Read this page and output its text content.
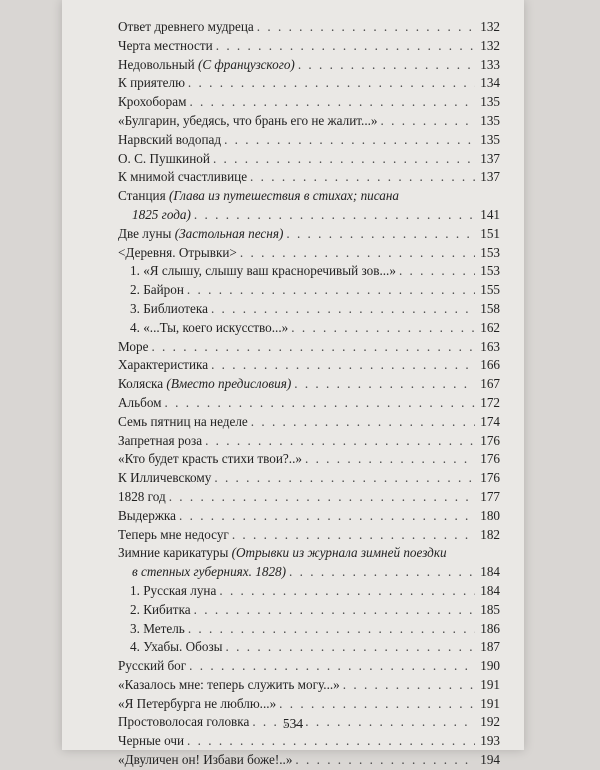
Ответ древнего мудреца . . .	132
Черта местности . . .	132
Недовольный (С французского) . . .	133
К приятелю . . .	134
Крохоборам . . .	135
«Булгарин, убедясь, что брань его не жалит...» . . .	135
Нарвский водопад . . .	135
О. С. Пушкиной . . .	137
К мнимой счастливице . . .	137
Станция (Глава из путешествия в стихах; писана
1825 года) . . .	141
Две луны (Застольная песня) . . .	151
<Деревня. Отрывки> . . .	153
1. «Я слышу, слышу ваш красноречивый зов...» . . .	153
2. Байрон . . .	155
3. Библиотека . . .	158
4. «...Ты, коего искусство...» . . .	162
Море . . .	163
Характеристика . . .	166
Коляска (Вместо предисловия) . . .	167
Альбом . . .	172
Семь пятниц на неделе . . .	174
Запретная роза . . .	176
«Кто будет красть стихи твои?..» . . .	176
К Илличевскому . . .	176
1828 год . . .	177
Выдержка . . .	180
Теперь мне недосуг . . .	182
Зимние карикатуры (Отрывки из журнала зимней поездки
в степных губерниях. 1828) . . .	184
1. Русская луна . . .	184
2. Кибитка . . .	185
3. Метель . . .	186
4. Ухабы. Обозы . . .	187
Русский бог . . .	190
«Казалось мне: теперь служить могу...» . . .	191
«Я Петербурга не люблю...» . . .	191
Простоволосая головка . . .	192
Черные очи . . .	193
«Двуличен он! Избави боже!..» . . .	194
534
